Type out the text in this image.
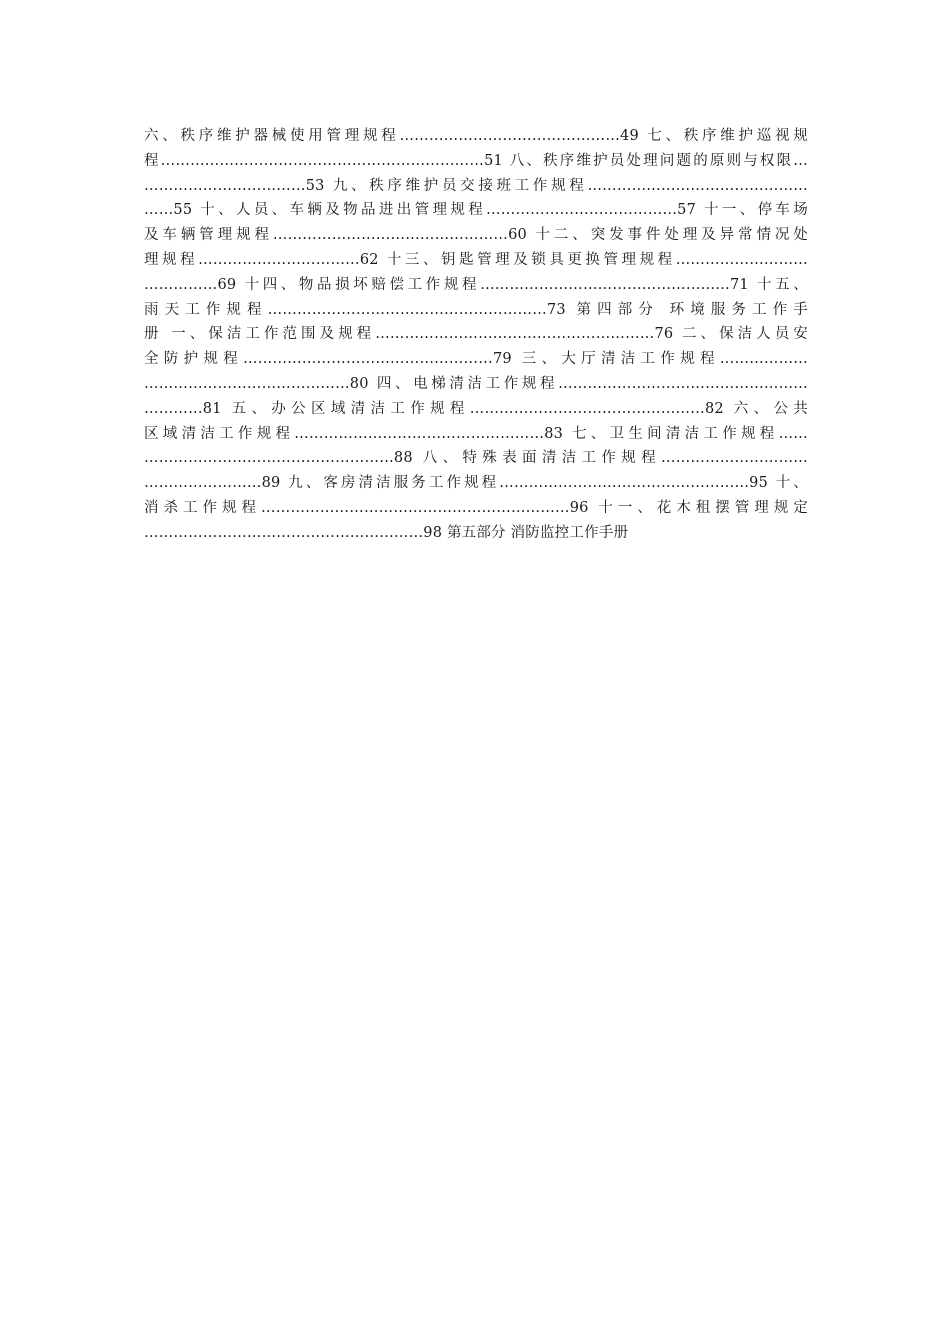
六、秩序维护器械使用管理规程………………………………………49 七、秩序维护巡视规
程…………………………………………………………51 八、秩序维护员处理问题的原则与权限…
……………………………53 九、秩序维护员交接班工作规程………………………………………
……55 十、人员、车辆及物品进出管理规程…………………………………57 十一、停车场
及车辆管理规程…………………………………………60 十二、突发事件处理及异常情况处
理规程……………………………62 十三、钥匙管理及锁具更换管理规程………………………
……………69 十四、物品损坏赔偿工作规程……………………………………………71 十五、
雨天工作规程…………………………………………………73 第四部分 环境服务工作手
册 一、保洁工作范围及规程…………………………………………………76 二、保洁人员安
全防护规程……………………………………………79 三、大厅清洁工作规程………………
……………………………………80 四、电梯清洁工作规程……………………………………………
…………81 五、办公区域清洁工作规程…………………………………………82 六、公共
区域清洁工作规程……………………………………………83 七、卫生间清洁工作规程……
……………………………………………88 八、特殊表面清洁工作规程…………………………
……………………89 九、客房清洁服务工作规程……………………………………………95 十、
消杀工作规程………………………………………………………96 十一、花木租摆管理规定
…………………………………………………98 第五部分 消防监控工作手册
